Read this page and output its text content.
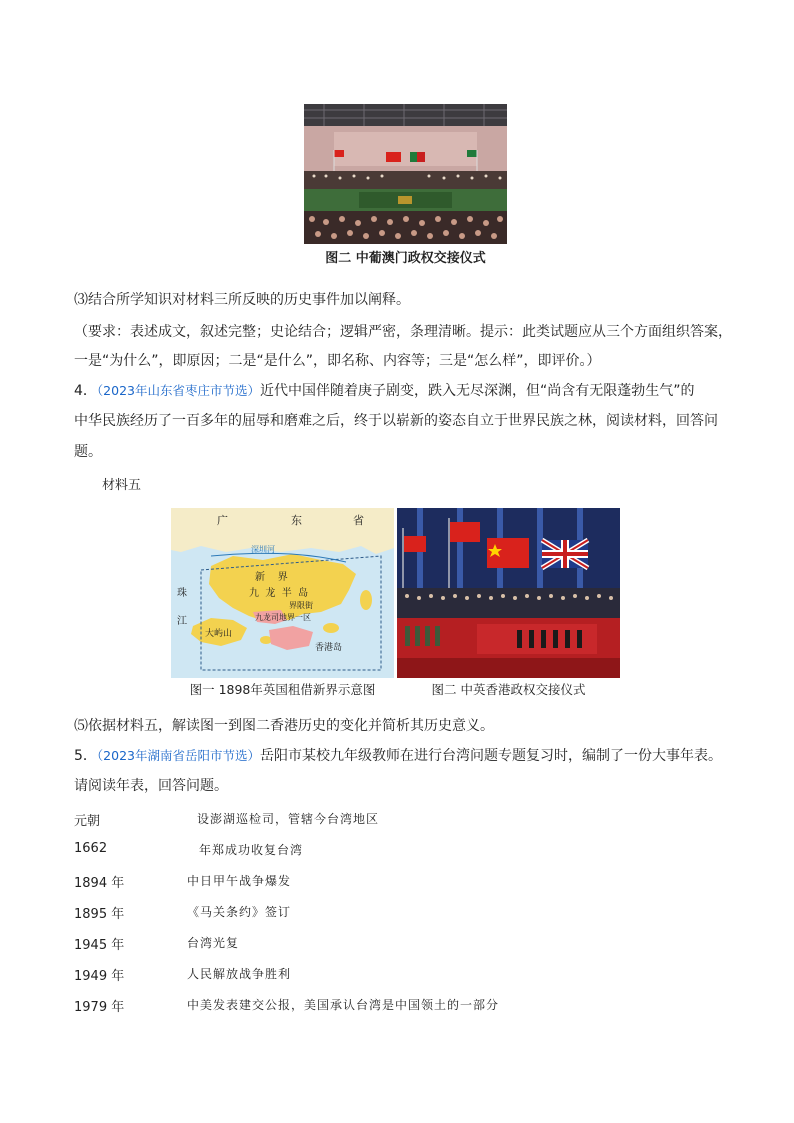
图二 中葡澳门政权交接仪式
⑶结合所学知识对材料三所反映的历史事件加以阐释。
（要求：表述成文，叙述完整；史论结合；逻辑严密，条理清晰。提示：此类试题应从三个方面组织答案，
一是“为什么”，即原因；二是“是什么”，即名称、内容等；三是“怎么样”，即评价。）
4．（2023年山东省枣庄市节选）近代中国伴随着庚子剧变，跌入无尽深渊，但“尚含有无限蓬勃生气”的
中华民族经历了一百多年的屈辱和磨难之后，终于以崭新的姿态自立于世界民族之林，阅读材料，回答问
题。
材料五
广	东	省
珠
江
深圳河
新    界
九  龙  半  岛
界限街
九龙司地界一区
大屿山
香港岛
图一 1898年英国租借新界示意图	图二 中英香港政权交接仪式
⑸依据材料五，解读图一到图二香港历史的变化并简析其历史意义。
5．（2023年湖南省岳阳市节选）岳阳市某校九年级教师在进行台湾问题专题复习时，编制了一份大事年表。
请阅读年表，回答问题。
元朝	设澎湖巡检司，管辖今台湾地区
1662	年郑成功收复台湾
1894 年	中日甲午战争爆发
1895 年	《马关条约》签订
1945 年	台湾光复
1949 年	人民解放战争胜利
1979 年	中美发表建交公报，美国承认台湾是中国领土的一部分
